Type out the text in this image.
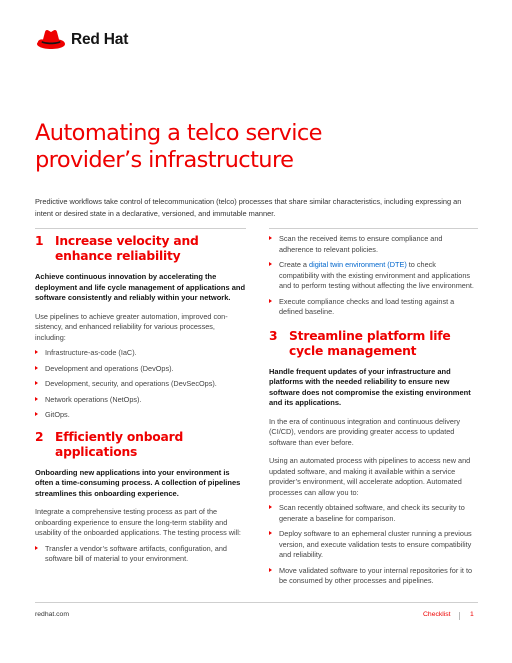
Red Hat
Automating a telco service
provider’s infrastructure

Predictive workflows take control of telecommunication (telco) processes that share similar characteristics, including expressing an intent or desired state in a declarative, versioned, and immutable manner.

1 Increase velocity and
enhance reliability

Achieve continuous innovation by accelerating the deployment and life cycle management of applications and software consistently and reliably within your network.

Use pipelines to achieve greater automation, improved con-sistency, and enhanced reliability for various processes, including:

Infrastructure-as-code (IaC).
Development and operations (DevOps).
Development, security, and operations (DevSecOps).
Network operations (NetOps).
GitOps.
2 Efficiently onboard
applications

Onboarding new applications into your environment is often a time-consuming process. A collection of pipelines streamlines this onboarding experience.

Integrate a comprehensive testing process as part of the onboarding experience to ensure the long-term stability and usability of the onboarded applications. The testing process will:

Transfer a vendor’s software artifacts, configuration, and software bill of material to your environment.
Scan the received items to ensure compliance and adherence to relevant policies.
Create a digital twin environment (DTE) to check compatibility with the existing environment and applications and to perform testing without affecting the live environment.
Execute compliance checks and load testing against a defined baseline.
3 Streamline platform life
cycle management

Handle frequent updates of your infrastructure and platforms with the needed reliability to ensure new software does not compromise the existing environment and its applications.

In the era of continuous integration and continuous delivery (CI/CD), vendors are providing greater access to updated software than ever before.

Using an automated process with pipelines to access new and updated software, and making it available within a service provider’s environment, will accelerate adoption. Automated processes can allow you to:

Scan recently obtained software, and check its security to generate a baseline for comparison.
Deploy software to an ephemeral cluster running a previous version, and execute validation tests to ensure compatibility and reliability.
Move validated software to your internal repositories for it to be consumed by other processes and pipelines.
redhat.com	Checklist	1
